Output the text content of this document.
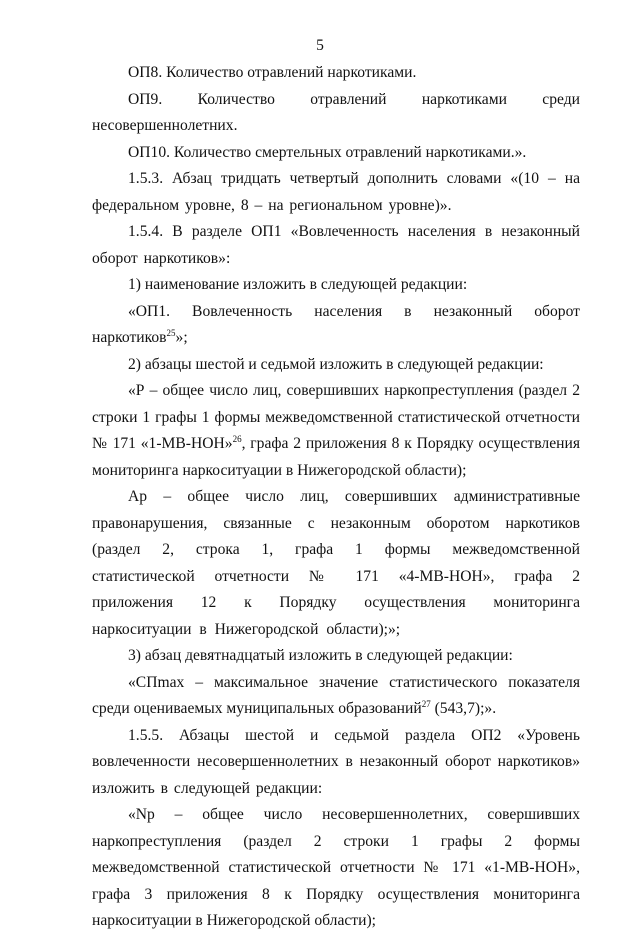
5

ОП8. Количество отравлений наркотиками.

ОП9. Количество отравлений наркотиками среди несовершеннолетних.

ОП10. Количество смертельных отравлений наркотиками.».

1.5.3. Абзац тридцать четвертый дополнить словами «(10 – на федеральном уровне, 8 – на региональном уровне)».

1.5.4. В разделе ОП1 «Вовлеченность населения в незаконный оборот наркотиков»:

1) наименование изложить в следующей редакции:

«ОП1. Вовлеченность населения в незаконный оборот наркотиков$^{25}$»;

2) абзацы шестой и седьмой изложить в следующей редакции:

«Р – общее число лиц, совершивших наркопреступления (раздел 2 строки 1 графы 1 формы межведомственной статистической отчетности № 171 «1-МВ-НОН»$^{26}$, графа 2 приложения 8 к Порядку осуществления мониторинга наркоситуации в Нижегородской области);

Ар – общее число лиц, совершивших административные правонарушения, связанные с незаконным оборотом наркотиков (раздел 2, строка 1, графа 1 формы межведомственной статистической отчетности № 171 «4-МВ-НОН», графа 2 приложения 12 к Порядку осуществления мониторинга наркоситуации в Нижегородской области);»;

3) абзац девятнадцатый изложить в следующей редакции:

«СПmax – максимальное значение статистического показателя среди оцениваемых муниципальных образований$^{27}$ (543,7);».

1.5.5. Абзацы шестой и седьмой раздела ОП2 «Уровень вовлеченности несовершеннолетних в незаконный оборот наркотиков» изложить в следующей редакции:

«Np – общее число несовершеннолетних, совершивших наркопреступления (раздел 2 строки 1 графы 2 формы межведомственной статистической отчетности № 171 «1-МВ-НОН», графа 3 приложения 8 к Порядку осуществления мониторинга наркоситуации в Нижегородской области);
